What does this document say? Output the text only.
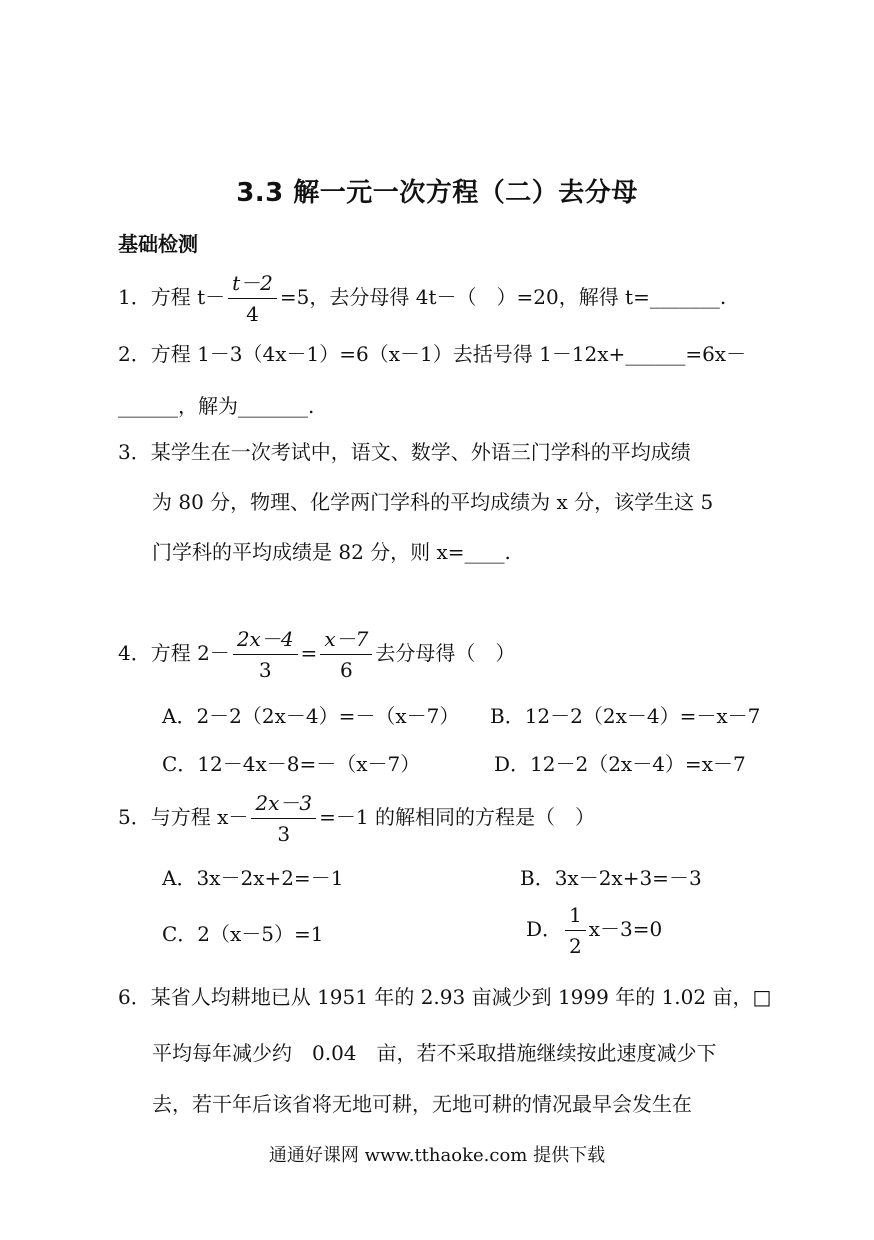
3.3 解一元一次方程（二）去分母
基础检测
1．方程 $t- \frac{t-2}{4} =5$，去分母得 4t－（　）=20，解得 t=_______.
2．方程 1－3（4x－1）=6（x－1）去括号得 1－12x+______=6x－
______，解为_______.
3．某学生在一次考试中，语文、数学、外语三门学科的平均成绩
为 80 分，物理、化学两门学科的平均成绩为 x 分，该学生这 5
门学科的平均成绩是 82 分，则 x=____.
4．方程 $2- \frac{2x-4}{3} = \frac{x-7}{6}$ 去分母得（　）
A．2－2（2x－4）=－（x－7） B．12－2（2x－4）=－x－7
C．12－4x－8=－（x－7）	D．12－2（2x－4）=x－7
5．与方程 $x- \frac{2x-3}{3} =-1$ 的解相同的方程是（　）
A．3x－2x+2=－1	B．3x－2x+3=－3
C．2（x－5）=1	D． $\frac{1}{2} x-3=0$
6．某省人均耕地已从 1951 年的 2.93 亩减少到 1999 年的 1.02 亩，□
平均每年减少约　0.04　亩，若不采取措施继续按此速度减少下
去，若干年后该省将无地可耕，无地可耕的情况最早会发生在
通通好课网 www.tthaoke.com 提供下载
